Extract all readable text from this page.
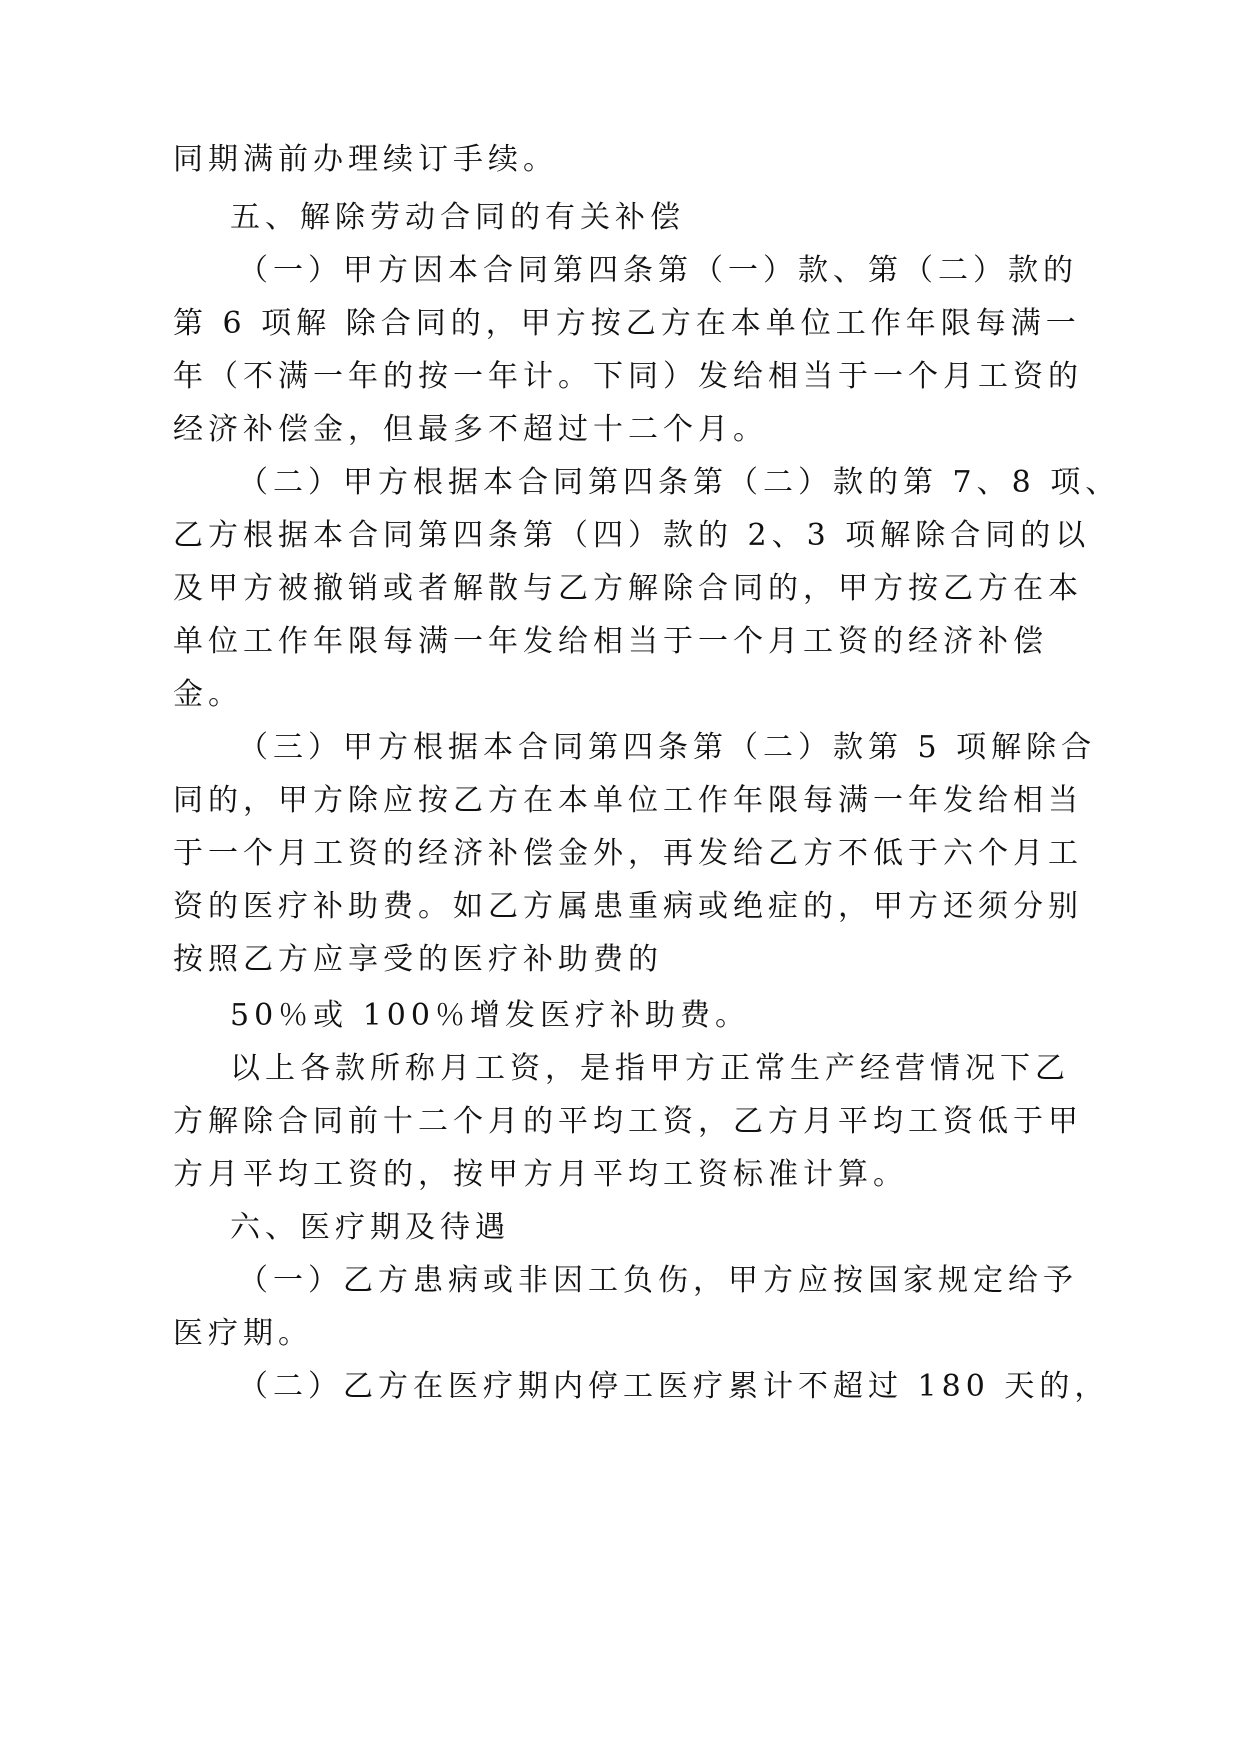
同期满前办理续订手续。
五、解除劳动合同的有关补偿
（一）甲方因本合同第四条第（一）款、第（二）款的
第 6 项解 除合同的，甲方按乙方在本单位工作年限每满一
年（不满一年的按一年计。下同）发给相当于一个月工资的
经济补偿金，但最多不超过十二个月。
（二）甲方根据本合同第四条第（二）款的第 7、8 项、
乙方根据本合同第四条第（四）款的 2、3 项解除合同的以
及甲方被撤销或者解散与乙方解除合同的，甲方按乙方在本
单位工作年限每满一年发给相当于一个月工资的经济补偿
金。
（三）甲方根据本合同第四条第（二）款第 5 项解除合
同的，甲方除应按乙方在本单位工作年限每满一年发给相当
于一个月工资的经济补偿金外，再发给乙方不低于六个月工
资的医疗补助费。如乙方属患重病或绝症的，甲方还须分别
按照乙方应享受的医疗补助费的
50％或 100％增发医疗补助费。
以上各款所称月工资，是指甲方正常生产经营情况下乙
方解除合同前十二个月的平均工资，乙方月平均工资低于甲
方月平均工资的，按甲方月平均工资标准计算。
六、医疗期及待遇
（一）乙方患病或非因工负伤，甲方应按国家规定给予
医疗期。
（二）乙方在医疗期内停工医疗累计不超过 180 天的，
